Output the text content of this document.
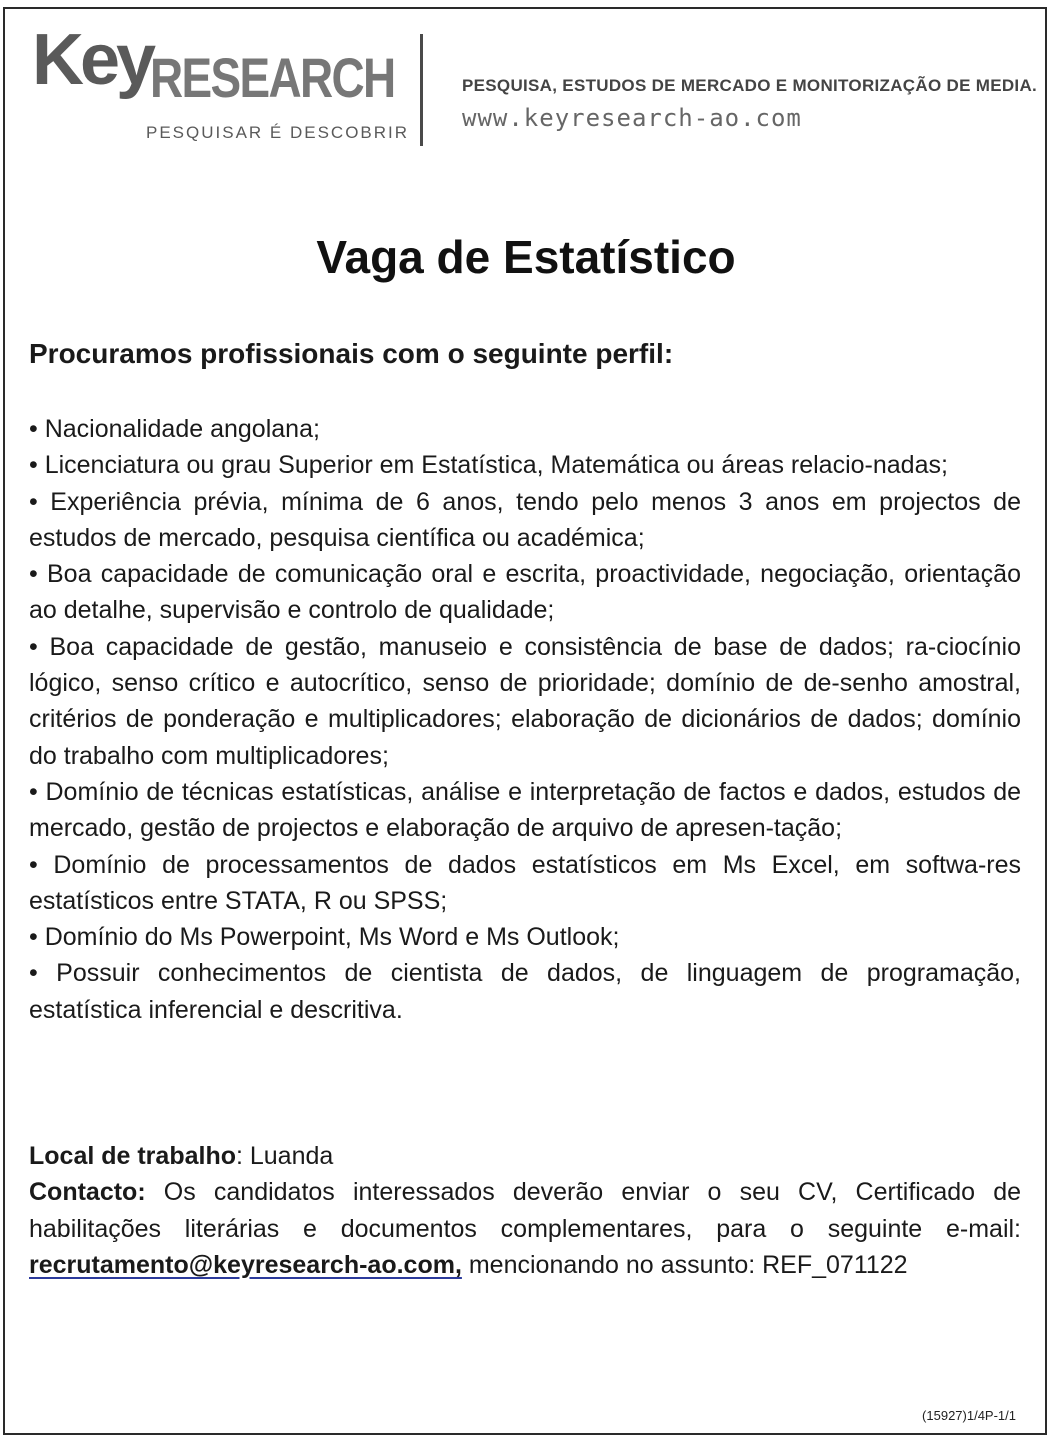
Key
RESEARCH
PESQUISAR É DESCOBRIR
PESQUISA, ESTUDOS DE MERCADO E MONITORIZAÇÃO DE MEDIA.
www.keyresearch-ao.com
Vaga de Estatístico
Procuramos profissionais com o seguinte perfil:
• Nacionalidade angolana;
• Licenciatura ou grau Superior em Estatística, Matemática ou áreas relacio-nadas;
• Experiência prévia, mínima de 6 anos, tendo pelo menos 3 anos em projectos de estudos de mercado, pesquisa científica ou académica;
• Boa capacidade de comunicação oral e escrita, proactividade, negociação, orientação ao detalhe, supervisão e controlo de qualidade;
• Boa capacidade de gestão, manuseio e consistência de base de dados; ra-ciocínio lógico, senso crítico e autocrítico, senso de prioridade; domínio de de-senho amostral, critérios de ponderação e multiplicadores; elaboração de dicionários de dados; domínio do trabalho com multiplicadores;
• Domínio de técnicas estatísticas, análise e interpretação de factos e dados, estudos de mercado, gestão de projectos e elaboração de arquivo de apresen-tação;
• Domínio de processamentos de dados estatísticos em Ms Excel, em softwa-res estatísticos entre STATA, R ou SPSS;
• Domínio do Ms Powerpoint, Ms Word e Ms Outlook;
• Possuir conhecimentos de cientista de dados, de linguagem de programação, estatística inferencial e descritiva.

Local de trabalho: Luanda

Contacto: Os candidatos interessados deverão enviar o seu CV, Certificado de habilitações literárias e documentos complementares, para o seguinte e-mail: recrutamento@keyresearch-ao.com, mencionando no assunto: REF_071122

(15927)1/4P-1/1
